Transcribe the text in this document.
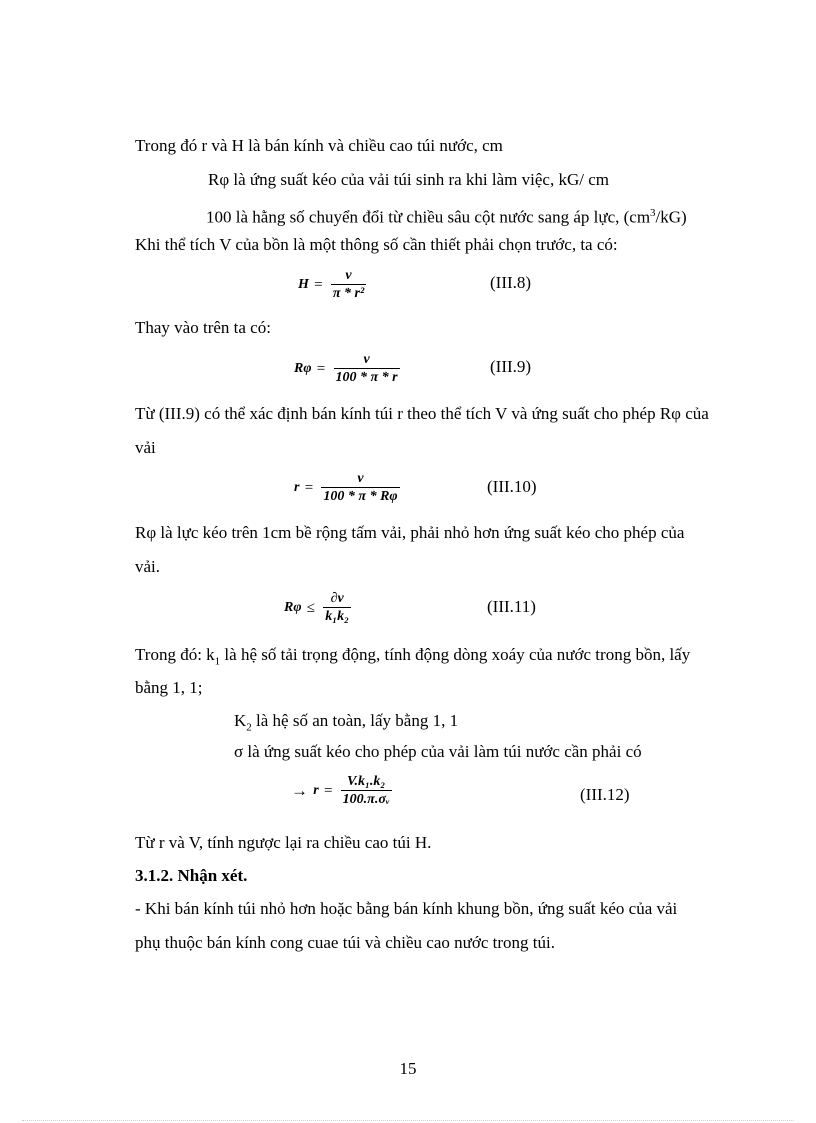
Trong đó r và H là bán kính và chiều cao túi nước, cm
Rφ là ứng suất kéo của vải túi sinh ra khi làm việc, kG/ cm
100 là hằng số chuyển đổi từ chiều sâu cột nước sang áp lực, $(cm^3/kG)$
Khi thể tích V của bồn là một thông số cần thiết phải chọn trước, ta có:
$H = \frac{\nu}{\text{π * r²}}$	(III.8)
Thay vào trên ta có:
$R\varphi = \frac{\nu}{100 * \pi * r}$	(III.9)
Từ (III.9) có thể xác định bán kính túi r theo thể tích V và ứng suất cho phép Rφ của
vải
$r = \frac{\nu}{100 * \pi * R\varphi}$	(III.10)
Rφ là lực kéo trên 1cm bề rộng tấm vải, phải nhỏ hơn ứng suất kéo cho phép của
vải.
$R\varphi \le \frac{\partial\nu}{\text{k₁k₂}}$	(III.11)
Trong đó: $k_1$ là hệ số tải trọng động, tính động dòng xoáy của nước trong bồn, lấy
bằng 1, 1;
$K_2$ là hệ số an toàn, lấy bằng 1, 1
σ là ứng suất kéo cho phép của vải làm túi nước cần phải có
→ $r = \frac{\text{V.k₁.k₂}}{\text{100.π.σᵥ}}$	(III.12)
Từ r và V, tính ngược lại ra chiều cao túi H.
3.1.2. Nhận xét.
- Khi bán kính túi nhỏ hơn hoặc bằng bán kính khung bồn, ứng suất kéo của vải
phụ thuộc bán kính cong cuae túi và chiều cao nước trong túi.
15
